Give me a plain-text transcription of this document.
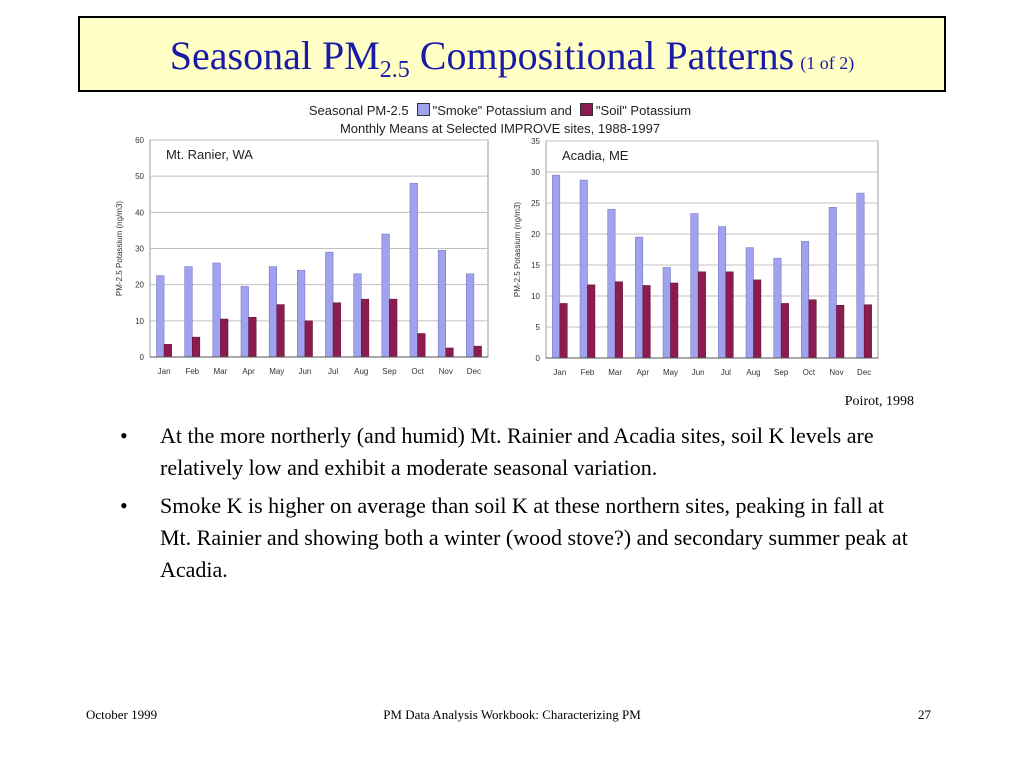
Seasonal $PM_{2.5}$ Compositional Patterns (1 of 2)
Seasonal PM-2.5 "Smoke" Potassium and "Soil" Potassium
Monthly Means at Selected IMPROVE sites, 1988-1997
0
10
20
30
40
50
60
Jan Feb Mar Apr May Jun Jul Aug Sep Oct Nov Dec
Mt. Ranier, WA
PM-2.5 Potassium (ng/m3)
0
5
10
15
20
25
30
35
Jan Feb Mar Apr May Jun Jul Aug Sep Oct Nov Dec
Acadia, ME
PM-2.5 Potassium (ng/m3)
Poirot, 1998
• At the more northerly (and humid) Mt. Rainier and Acadia sites, soil K levels are relatively low and exhibit a moderate seasonal variation.
• Smoke K is higher on average than soil K at these northern sites, peaking in fall at Mt. Rainier and showing both a winter (wood stove?) and secondary summer peak at Acadia.
October 1999	PM Data Analysis Workbook: Characterizing PM	27
